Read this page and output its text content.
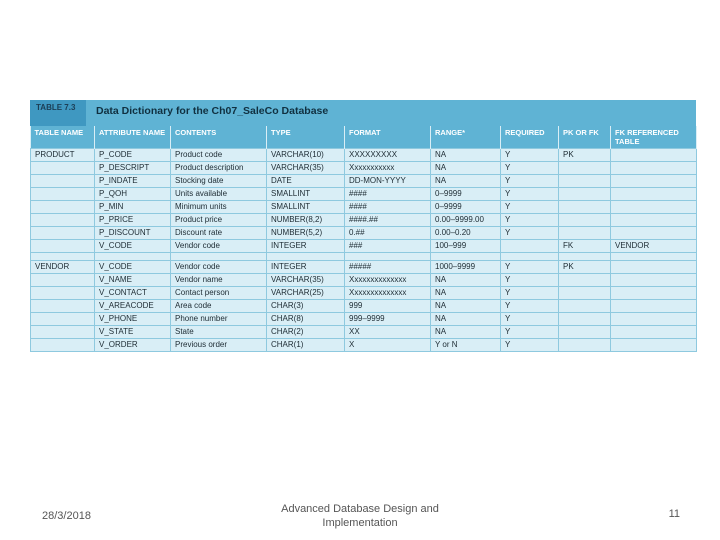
TABLE 7.3	Data Dictionary for the Ch07_SaleCo Database
TABLE NAME	ATTRIBUTE NAME	CONTENTS	TYPE	FORMAT	RANGE*	REQUIRED	PK OR FK	FK REFERENCED TABLE
PRODUCT	P_CODE	Product code	VARCHAR(10)	XXXXXXXXX	NA	Y	PK	
	P_DESCRIPT	Product description	VARCHAR(35)	Xxxxxxxxxxx	NA	Y		
	P_INDATE	Stocking date	DATE	DD-MON-YYYY	NA	Y		
	P_QOH	Units available	SMALLINT	####	0–9999	Y		
	P_MIN	Minimum units	SMALLINT	####	0–9999	Y		
	P_PRICE	Product price	NUMBER(8,2)	####.##	0.00–9999.00	Y		
	P_DISCOUNT	Discount rate	NUMBER(5,2)	0.##	0.00–0.20	Y		
	V_CODE	Vendor code	INTEGER	###	100–999		FK	VENDOR

VENDOR	V_CODE	Vendor code	INTEGER	#####	1000–9999	Y	PK	
	V_NAME	Vendor name	VARCHAR(35)	Xxxxxxxxxxxxxx	NA	Y		
	V_CONTACT	Contact person	VARCHAR(25)	Xxxxxxxxxxxxxx	NA	Y		
	V_AREACODE	Area code	CHAR(3)	999	NA	Y		
	V_PHONE	Phone number	CHAR(8)	999–9999	NA	Y		
	V_STATE	State	CHAR(2)	XX	NA	Y		
	V_ORDER	Previous order	CHAR(1)	X	Y or N	Y		
28/3/2018
Advanced Database Design and
Implementation
11
